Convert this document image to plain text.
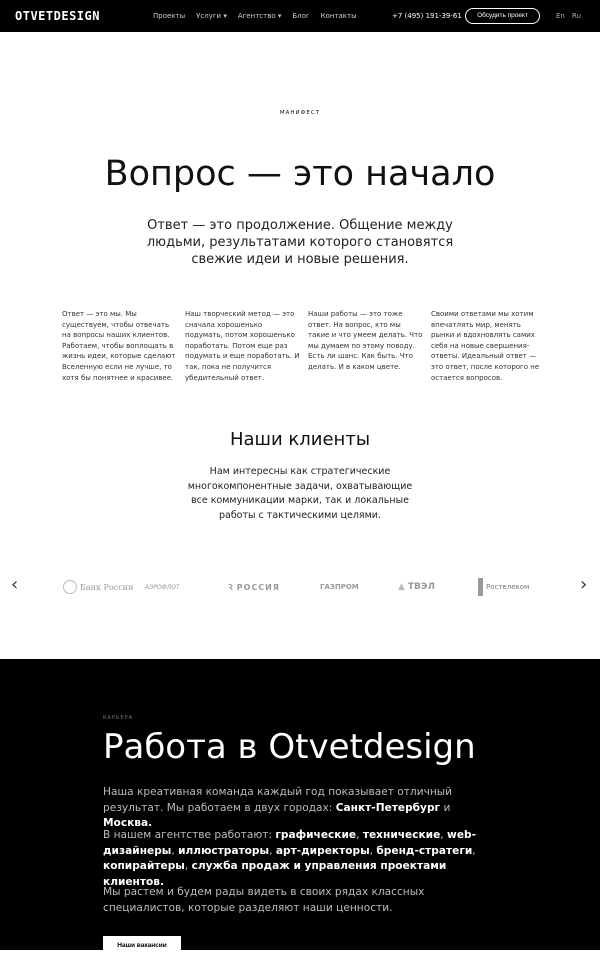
OTVETDESIGN	Проекты Услуги ▾ Агентство ▾ Блог Контакты	+7 (495) 191-39-61	Обсудить проект	En Ru
МАНИФЕСТ
Вопрос — это начало

Ответ — это продолжение. Общение между людьми, результатами которого становятся свежие идеи и новые решения.

Ответ — это мы. Мы существуем, чтобы отвечать на вопросы наших клиентов. Работаем, чтобы воплощать в жизнь идеи, которые сделают Вселенную если не лучше, то хотя бы понятнее и красивее.

Наш творческий метод — это сначала хорошенько подумать, потом хорошенько поработать. Потом еще раз подумать и еще поработать. И так, пока не получится убедительный ответ.

Наши работы — это тоже ответ. На вопрос, кто мы такие и что умеем делать. Что мы думаем по этому поводу. Есть ли шанс. Как быть. Что делать. И в каком цвете.

Своими ответами мы хотим впечатлять мир, менять рынки и вдохновлять самих себя на новые свершения-ответы. Идеальный ответ — это ответ, после которого не остается вопросов.

Наши клиенты

Нам интересны как стратегические многокомпонентные задачи, охватывающие все коммуникации марки, так и локальные работы с тактическими целями.

‹	›
Банк России АЭРОФЛОТ	Ꝛ РОССИЯ	ГАЗПРОМ	▲ ТВЭЛ	Ростелеком
КАРЬЕРА
Работа в Otvetdesign

Наша креативная команда каждый год показывает отличный результат. Мы работаем в двух городах: Санкт-Петербург и Москва.

В нашем агентстве работают: графические, технические, web-дизайнеры, иллюстраторы, арт-директоры, бренд-стратеги, копирайтеры, служба продаж и управления проектами клиентов.

Мы растем и будем рады видеть в своих рядах классных специалистов, которые разделяют наши ценности.

Наши вакансии
